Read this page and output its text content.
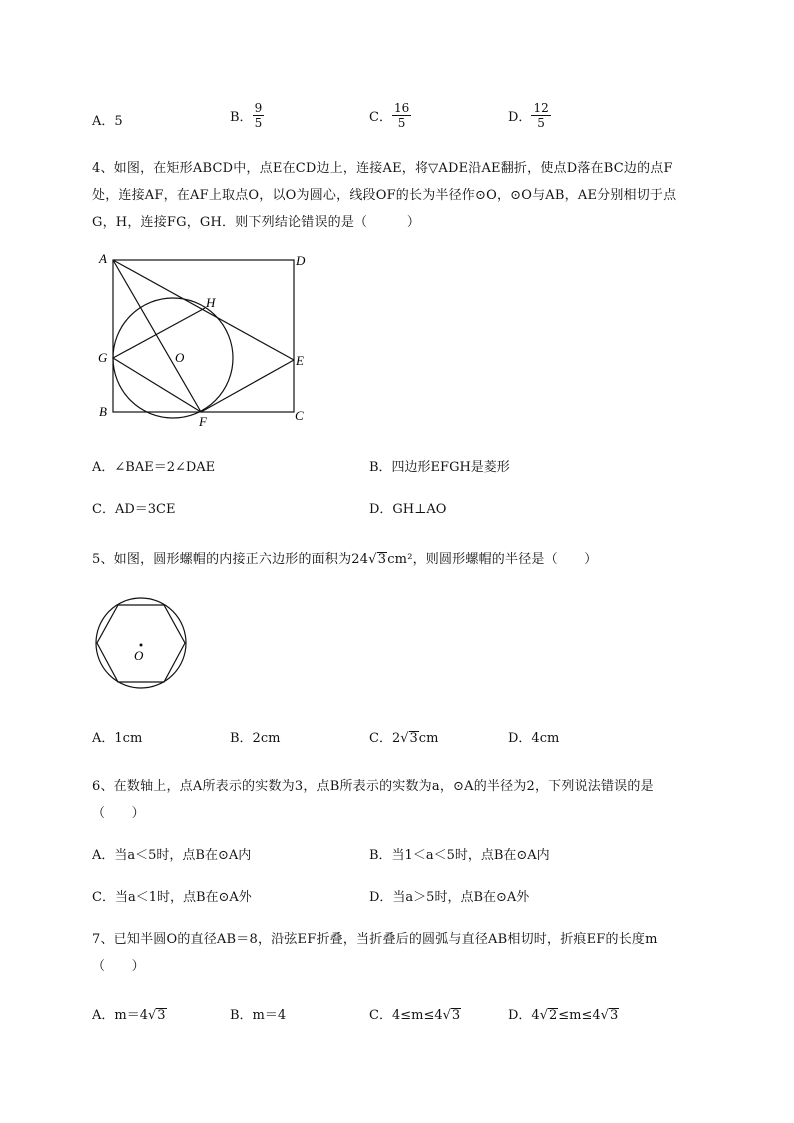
A．5	B． $\frac{9}{5}$	C． $\frac{16}{5}$	D． $\frac{12}{5}$
4、如图，在矩形ABCD中，点E在CD边上，连接AE，将▽ADE沿AE翻折，使点D落在BC边的点F
处，连接AF，在AF上取点O，以O为圆心，线段OF的长为半径作⊙O，⊙O与AB，AE分别相切于点
G，H，连接FG，GH．则下列结论错误的是（　　　）
A	D
H
G	O	E
B	C
F
A．∠BAE＝2∠DAE	B．四边形EFGH是菱形
C．AD＝3CE	D．GH⊥AO
5、如图，圆形螺帽的内接正六边形的面积为24√3cm²，则圆形螺帽的半径是（　　）
O
A．1cm	B．2cm	C．2√3cm	D．4cm
6、在数轴上，点A所表示的实数为3，点B所表示的实数为a，⊙A的半径为2，下列说法错误的是
（　　）
A．当a＜5时，点B在⊙A内	B．当1＜a＜5时，点B在⊙A内
C．当a＜1时，点B在⊙A外	D．当a＞5时，点B在⊙A外
7、已知半圆O的直径AB＝8，沿弦EF折叠，当折叠后的圆弧与直径AB相切时，折痕EF的长度m
（　　）
A．m＝4√3	B．m＝4	C．4≤m≤4√3	D．4√2≤m≤4√3
